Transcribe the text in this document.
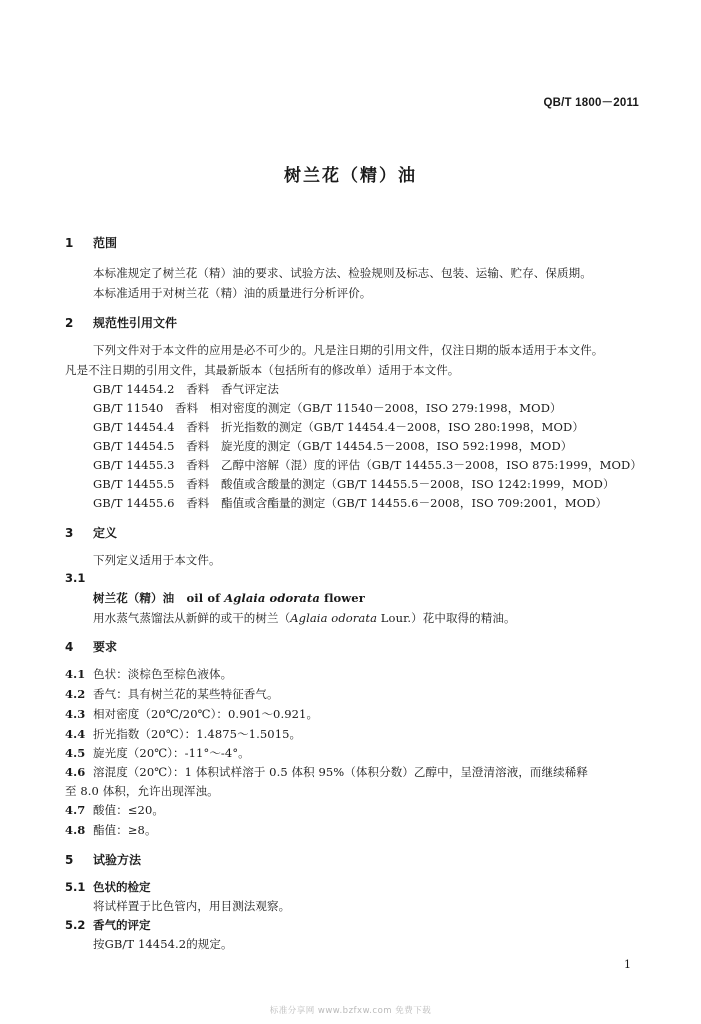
QB/T 1800－2011
树兰花（精）油
1 范围
本标准规定了树兰花（精）油的要求、试验方法、检验规则及标志、包装、运输、贮存、保质期。
本标准适用于对树兰花（精）油的质量进行分析评价。
2 规范性引用文件
下列文件对于本文件的应用是必不可少的。凡是注日期的引用文件，仅注日期的版本适用于本文件。
凡是不注日期的引用文件，其最新版本（包括所有的修改单）适用于本文件。
GB/T 14454.2　香料　香气评定法
GB/T 11540　香料　相对密度的测定（GB/T 11540－2008，ISO 279:1998，MOD）
GB/T 14454.4　香料　折光指数的测定（GB/T 14454.4－2008，ISO 280:1998，MOD）
GB/T 14454.5　香料　旋光度的测定（GB/T 14454.5－2008，ISO 592:1998，MOD）
GB/T 14455.3　香料　乙醇中溶解（混）度的评估（GB/T 14455.3－2008，ISO 875:1999，MOD）
GB/T 14455.5　香料　酸值或含酸量的测定（GB/T 14455.5－2008，ISO 1242:1999，MOD）
GB/T 14455.6　香料　酯值或含酯量的测定（GB/T 14455.6－2008，ISO 709:2001，MOD）
3 定义
下列定义适用于本文件。
3.1
树兰花（精）油 oil of Aglaia odorata flower
用水蒸气蒸馏法从新鲜的或干的树兰（Aglaia odorata Lour.）花中取得的精油。
4 要求
4.1 色状：淡棕色至棕色液体。
4.2 香气：具有树兰花的某些特征香气。
4.3 相对密度（20℃/20℃）：0.901～0.921。
4.4 折光指数（20℃）：1.4875～1.5015。
4.5 旋光度（20℃）：-11°～-4°。
4.6 溶混度（20℃）：1 体积试样溶于 0.5 体积 95%（体积分数）乙醇中，呈澄清溶液，而继续稀释
至 8.0 体积，允许出现浑浊。
4.7 酸值：≤20。
4.8 酯值：≥8。
5 试验方法
5.1 色状的检定
将试样置于比色管内，用目测法观察。
5.2 香气的评定
按GB/T 14454.2的规定。
1
标准分享网 www.bzfxw.com 免费下载
